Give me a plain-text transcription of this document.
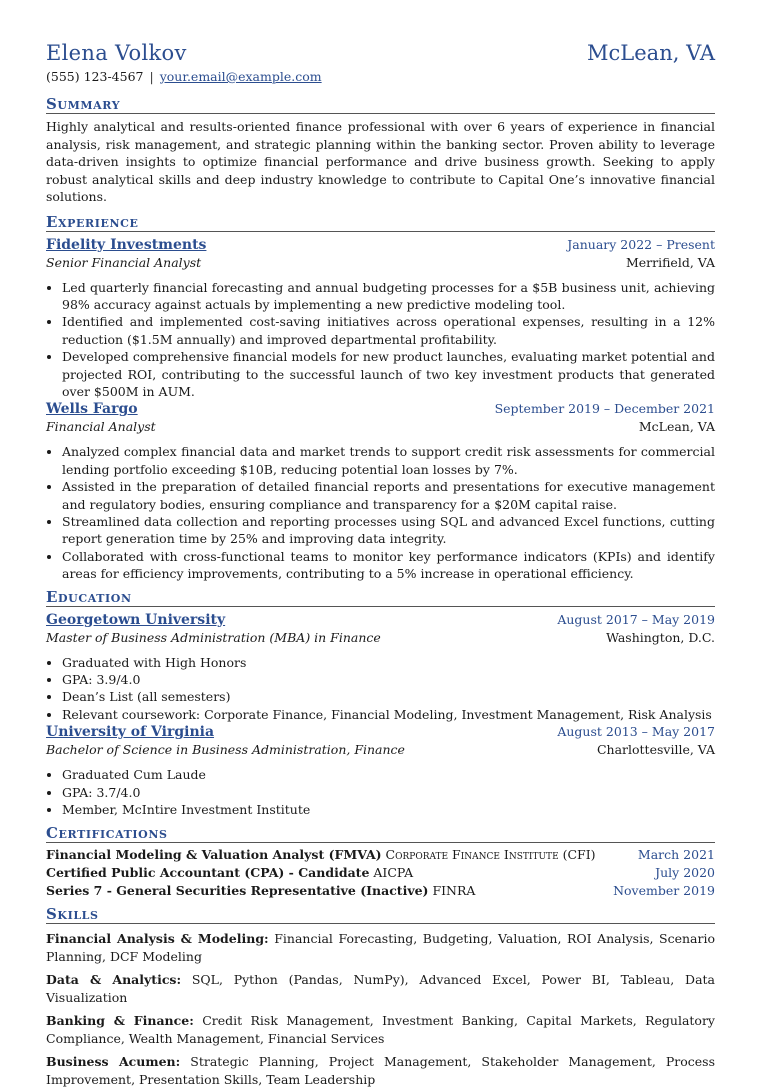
Elena Volkov	McLean, VA
(555) 123-4567 | your.email@example.com
Summary
Highly analytical and results-oriented finance professional with over 6 years of experience in financial analysis, risk management, and strategic planning within the banking sector. Proven ability to leverage data-driven insights to optimize financial performance and drive business growth. Seeking to apply robust analytical skills and deep industry knowledge to contribute to Capital One’s innovative financial solutions.
Experience
Fidelity Investments	January 2022 – Present
Senior Financial Analyst	Merrifield, VA
• Led quarterly financial forecasting and annual budgeting processes for a $5B business unit, achieving 98% accuracy against actuals by implementing a new predictive modeling tool.
• Identified and implemented cost-saving initiatives across operational expenses, resulting in a 12% reduction ($1.5M annually) and improved departmental profitability.
• Developed comprehensive financial models for new product launches, evaluating market potential and projected ROI, contributing to the successful launch of two key investment products that generated over $500M in AUM.
Wells Fargo	September 2019 – December 2021
Financial Analyst	McLean, VA
• Analyzed complex financial data and market trends to support credit risk assessments for commercial lending portfolio exceeding $10B, reducing potential loan losses by 7%.
• Assisted in the preparation of detailed financial reports and presentations for executive management and regulatory bodies, ensuring compliance and transparency for a $20M capital raise.
• Streamlined data collection and reporting processes using SQL and advanced Excel functions, cutting report generation time by 25% and improving data integrity.
• Collaborated with cross-functional teams to monitor key performance indicators (KPIs) and identify areas for efficiency improvements, contributing to a 5% increase in operational efficiency.
Education
Georgetown University	August 2017 – May 2019
Master of Business Administration (MBA) in Finance	Washington, D.C.
• Graduated with High Honors
• GPA: 3.9/4.0
• Dean’s List (all semesters)
• Relevant coursework: Corporate Finance, Financial Modeling, Investment Management, Risk Analysis
University of Virginia	August 2013 – May 2017
Bachelor of Science in Business Administration, Finance	Charlottesville, VA
• Graduated Cum Laude
• GPA: 3.7/4.0
• Member, McIntire Investment Institute
Certifications
Financial Modeling & Valuation Analyst (FMVA) Corporate Finance Institute (CFI)	March 2021
Certified Public Accountant (CPA) - Candidate AICPA	July 2020
Series 7 - General Securities Representative (Inactive) FINRA	November 2019
Skills
Financial Analysis & Modeling: Financial Forecasting, Budgeting, Valuation, ROI Analysis, Scenario Planning, DCF Modeling
Data & Analytics: SQL, Python (Pandas, NumPy), Advanced Excel, Power BI, Tableau, Data Visualization
Banking & Finance: Credit Risk Management, Investment Banking, Capital Markets, Regulatory Compliance, Wealth Management, Financial Services
Business Acumen: Strategic Planning, Project Management, Stakeholder Management, Process Improvement, Presentation Skills, Team Leadership
